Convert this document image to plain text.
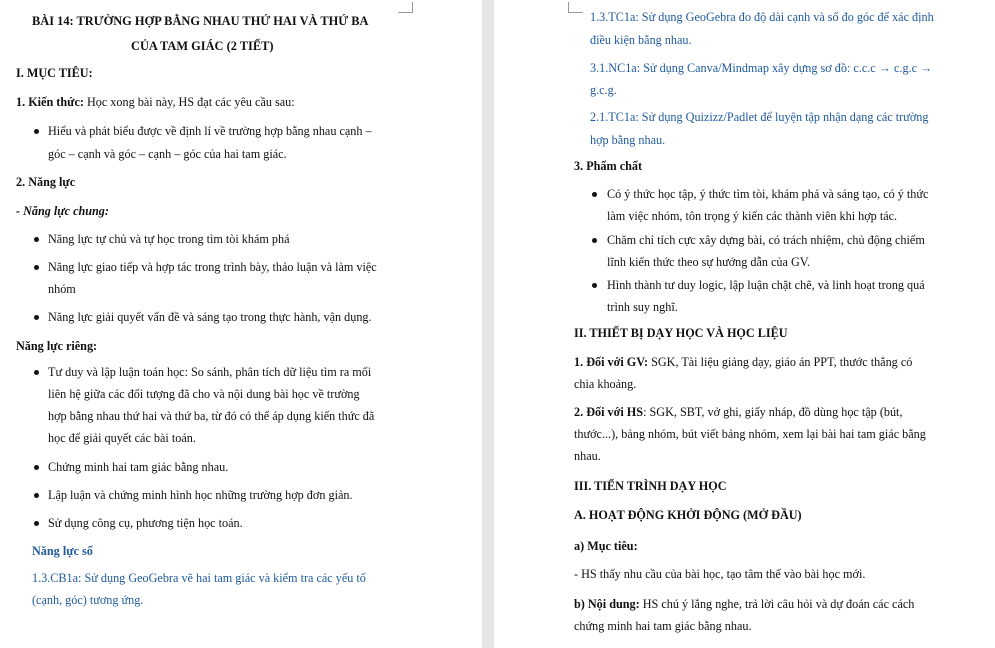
BÀI 14: TRƯỜNG HỢP BẰNG NHAU THỨ HAI VÀ THỨ BA
CỦA TAM GIÁC (2 TIẾT)
I. MỤC TIÊU:
1. Kiến thức: Học xong bài này, HS đạt các yêu cầu sau:
Hiểu và phát biểu được về định lí về trường hợp bằng nhau cạnh –
góc – cạnh và góc – cạnh – góc của hai tam giác.
2. Năng lực
- Năng lực chung:
Năng lực tự chủ và tự học trong tìm tòi khám phá
Năng lực giao tiếp và hợp tác trong trình bày, thảo luận và làm việc
nhóm
Năng lực giải quyết vấn đề và sáng tạo trong thực hành, vận dụng.
Năng lực riêng:
Tư duy và lập luận toán học: So sánh, phân tích dữ liệu tìm ra mối
liên hệ giữa các đối tượng đã cho và nội dung bài học về trường
hợp bằng nhau thứ hai và thứ ba, từ đó có thể áp dụng kiến thức đã
học để giải quyết các bài toán.
Chứng minh hai tam giác bằng nhau.
Lập luận và chứng minh hình học những trường hợp đơn giản.
Sử dụng công cụ, phương tiện học toán.
Năng lực số
1.3.CB1a: Sử dụng GeoGebra vẽ hai tam giác và kiểm tra các yếu tố
(cạnh, góc) tương ứng.
1.3.TC1a: Sử dụng GeoGebra đo độ dài cạnh và số đo góc để xác định
điều kiện bằng nhau.
3.1.NC1a: Sử dụng Canva/Mindmap xây dựng sơ đồ: c.c.c → c.g.c →
g.c.g.
2.1.TC1a: Sử dụng Quizizz/Padlet để luyện tập nhận dạng các trường
hợp bằng nhau.
3. Phẩm chất
Có ý thức học tập, ý thức tìm tòi, khám phá và sáng tạo, có ý thức
làm việc nhóm, tôn trọng ý kiến các thành viên khi hợp tác.
Chăm chỉ tích cực xây dựng bài, có trách nhiệm, chủ động chiếm
lĩnh kiến thức theo sự hướng dẫn của GV.
Hình thành tư duy logic, lập luận chặt chẽ, và linh hoạt trong quá
trình suy nghĩ.
II. THIẾT BỊ DẠY HỌC VÀ HỌC LIỆU
1. Đối với GV: SGK, Tài liệu giảng dạy, giáo án PPT, thước thẳng có
chia khoảng.
2. Đối với HS: SGK, SBT, vở ghi, giấy nháp, đồ dùng học tập (bút,
thước...), bảng nhóm, bút viết bảng nhóm, xem lại bài hai tam giác bằng
nhau.
III. TIẾN TRÌNH DẠY HỌC
A. HOẠT ĐỘNG KHỞI ĐỘNG (MỞ ĐẦU)
a) Mục tiêu:
- HS thấy nhu cầu của bài học, tạo tâm thế vào bài học mới.
b) Nội dung: HS chú ý lắng nghe, trả lời câu hỏi và dự đoán các cách
chứng minh hai tam giác bằng nhau.
